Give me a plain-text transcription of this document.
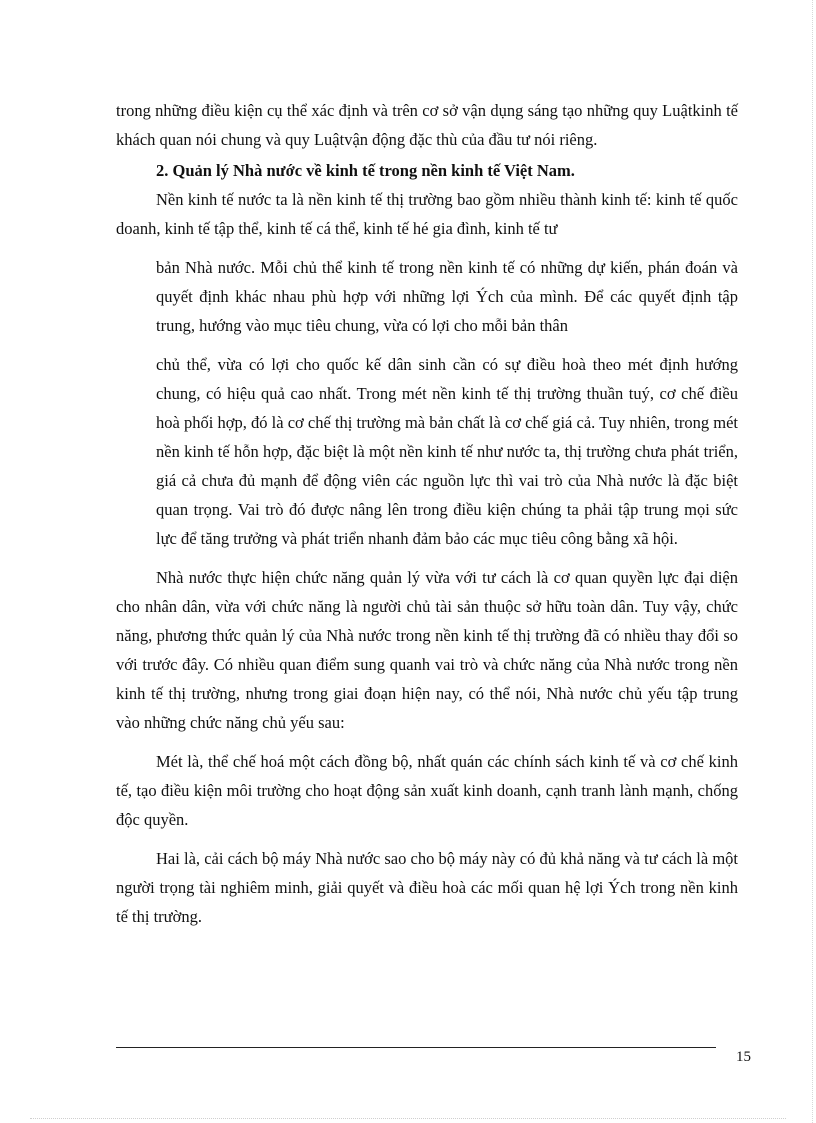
trong những điều kiện cụ thể xác định và trên cơ sở vận dụng sáng tạo những quy Luậtkinh tế khách quan nói chung và quy Luậtvận động đặc thù của đầu tư nói riêng.

2. Quản lý Nhà nước về kinh tế trong nền kinh tế Việt Nam.

Nền kinh tế nước ta là nền kinh tế thị trường bao gồm nhiều thành kinh tế: kinh tế quốc doanh, kinh tế tập thể, kinh tế cá thể, kinh tế hé gia đình, kinh tế tư

bản Nhà nước. Mỗi chủ thể kinh tế trong nền kinh tế có những dự kiến, phán đoán và quyết định khác nhau phù hợp với những lợi Ých của mình. Để các quyết định tập trung, hướng vào mục tiêu chung, vừa có lợi cho mỗi bản thân

chủ thể, vừa có lợi cho quốc kế dân sinh cần có sự điều hoà theo mét định hướng chung, có hiệu quả cao nhất. Trong mét nền kinh tế thị trường thuần tuý, cơ chế điều hoà phối hợp, đó là cơ chế thị trường mà bản chất là cơ chế giá cả. Tuy nhiên, trong mét nền kinh tế hỗn hợp, đặc biệt là một nền kinh tế như nước ta, thị trường chưa phát triển, giá cả chưa đủ mạnh để động viên các nguồn lực thì vai trò của Nhà nước là đặc biệt quan trọng. Vai trò đó được nâng lên trong điều kiện chúng ta phải tập trung mọi sức lực để tăng trưởng và phát triển nhanh đảm bảo các mục tiêu công bằng xã hội.

Nhà nước thực hiện chức năng quản lý vừa với tư cách là cơ quan quyền lực đại diện cho nhân dân, vừa với chức năng là người chủ tài sản thuộc sở hữu toàn dân. Tuy vậy, chức năng, phương thức quản lý của Nhà nước trong nền kinh tế thị trường đã có nhiều thay đổi so với trước đây. Có nhiều quan điểm sung quanh vai trò và chức năng của Nhà nước trong nền kinh tế thị trường, nhưng trong giai đoạn hiện nay, có thể nói, Nhà nước chủ yếu tập trung vào những chức năng chủ yếu sau:

Mét là, thể chế hoá một cách đồng bộ, nhất quán các chính sách kinh tế và cơ chế kinh tế, tạo điều kiện môi trường cho hoạt động sản xuất kinh doanh, cạnh tranh lành mạnh, chống độc quyền.

Hai là, cải cách bộ máy Nhà nước sao cho bộ máy này có đủ khả năng và tư cách là một người trọng tài nghiêm minh, giải quyết và điều hoà các mối quan hệ lợi Ých trong nền kinh tế thị trường.

15
